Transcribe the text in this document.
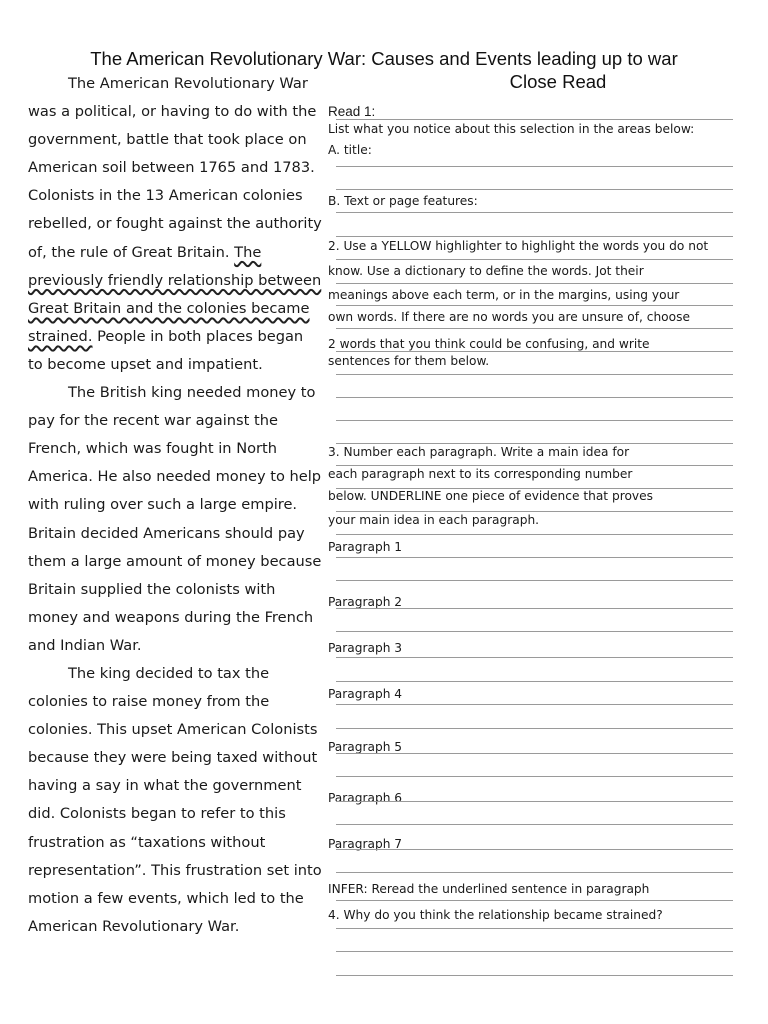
The American Revolutionary War: Causes and Events leading up to war
Close Read

The American Revolutionary War was a political, or having to do with the government, battle that took place on American soil between 1765 and 1783. Colonists in the 13 American colonies rebelled, or fought against the authority of, the rule of Great Britain. The previously friendly relationship between Great Britain and the colonies became strained. People in both places began to become upset and impatient.

The British king needed money to pay for the recent war against the French, which was fought in North America. He also needed money to help with ruling over such a large empire. Britain decided Americans should pay them a large amount of money because Britain supplied the colonists with money and weapons during the French and Indian War.

The king decided to tax the colonies to raise money from the colonies. This upset American Colonists because they were being taxed without having a say in what the government did. Colonists began to refer to this frustration as “taxations without representation”. This frustration set into motion a few events, which led to the American Revolutionary War.

Read 1:
List what you notice about this selection in the areas below:
A. title:
B. Text or page features:
2. Use a YELLOW highlighter to highlight the words you do not
know. Use a dictionary to define the words. Jot their
meanings above each term, or in the margins, using your
own words. If there are no words you are unsure of, choose
2 words that you think could be confusing, and write
sentences for them below.
3. Number each paragraph. Write a main idea for
each paragraph next to its corresponding number
below. UNDERLINE one piece of evidence that proves
your main idea in each paragraph.
Paragraph 1
Paragraph 2
Paragraph 3
Paragraph 4
Paragraph 5
Paragraph 6
Paragraph 7
INFER: Reread the underlined sentence in paragraph
4. Why do you think the relationship became strained?
